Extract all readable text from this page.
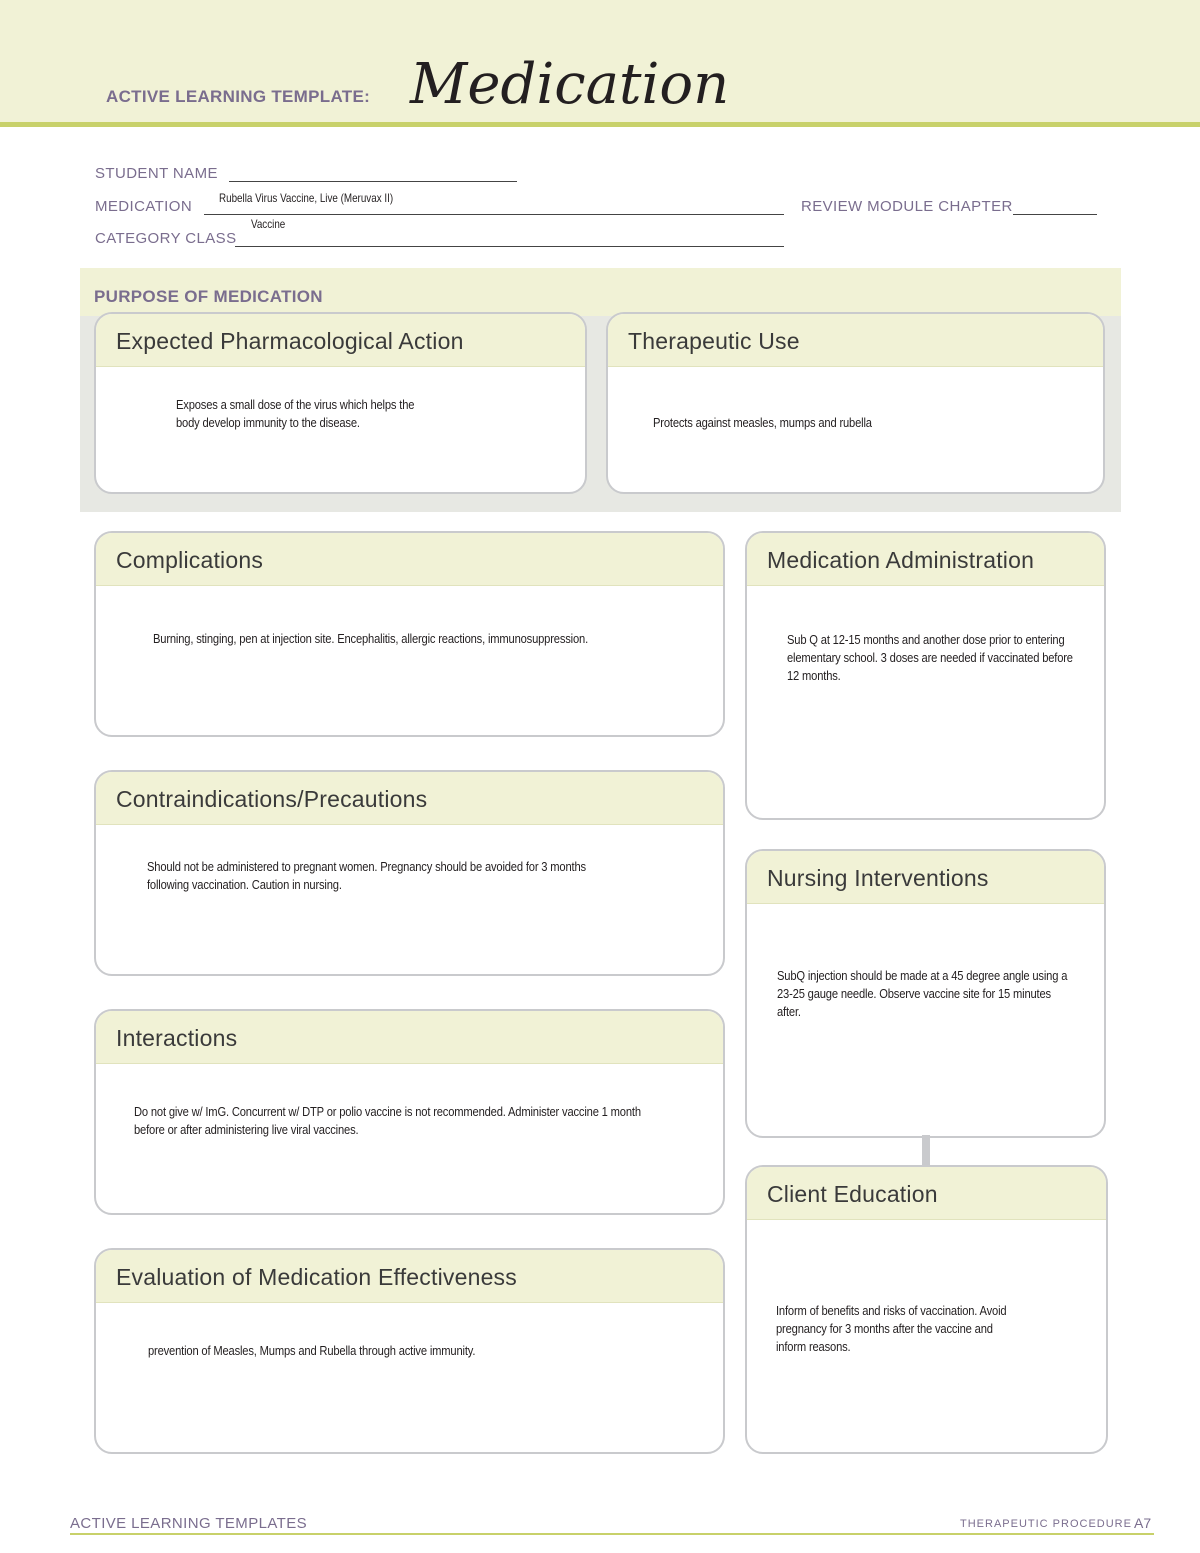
ACTIVE LEARNING TEMPLATE: Medication
STUDENT NAME
MEDICATION Rubella Virus Vaccine, Live (Meruvax II)	REVIEW MODULE CHAPTER
CATEGORY CLASS
Vaccine
PURPOSE OF MEDICATION
Expected Pharmacological Action
Exposes a small dose of the virus which helps the body develop immunity to the disease.
Therapeutic Use
Protects against measles, mumps and rubella
Complications
Burning, stinging, pen at injection site. Encephalitis, allergic reactions, immunosuppression.
Contraindications/Precautions
Should not be administered to pregnant women. Pregnancy should be avoided for 3 months following vaccination. Caution in nursing.
Interactions
Do not give w/ ImG. Concurrent w/ DTP or polio vaccine is not recommended. Administer vaccine 1 month before or after administering live viral vaccines.
Evaluation of Medication Effectiveness
prevention of Measles, Mumps and Rubella through active immunity.
Medication Administration
Sub Q at 12-15 months and another dose prior to entering elementary school. 3 doses are needed if vaccinated before 12 months.
Nursing Interventions
SubQ injection should be made at a 45 degree angle using a 23-25 gauge needle. Observe vaccine site for 15 minutes after.
Client Education
Inform of benefits and risks of vaccination. Avoid pregnancy for 3 months after the vaccine and inform reasons.
ACTIVE LEARNING TEMPLATES	THERAPEUTIC PROCEDURE A7
